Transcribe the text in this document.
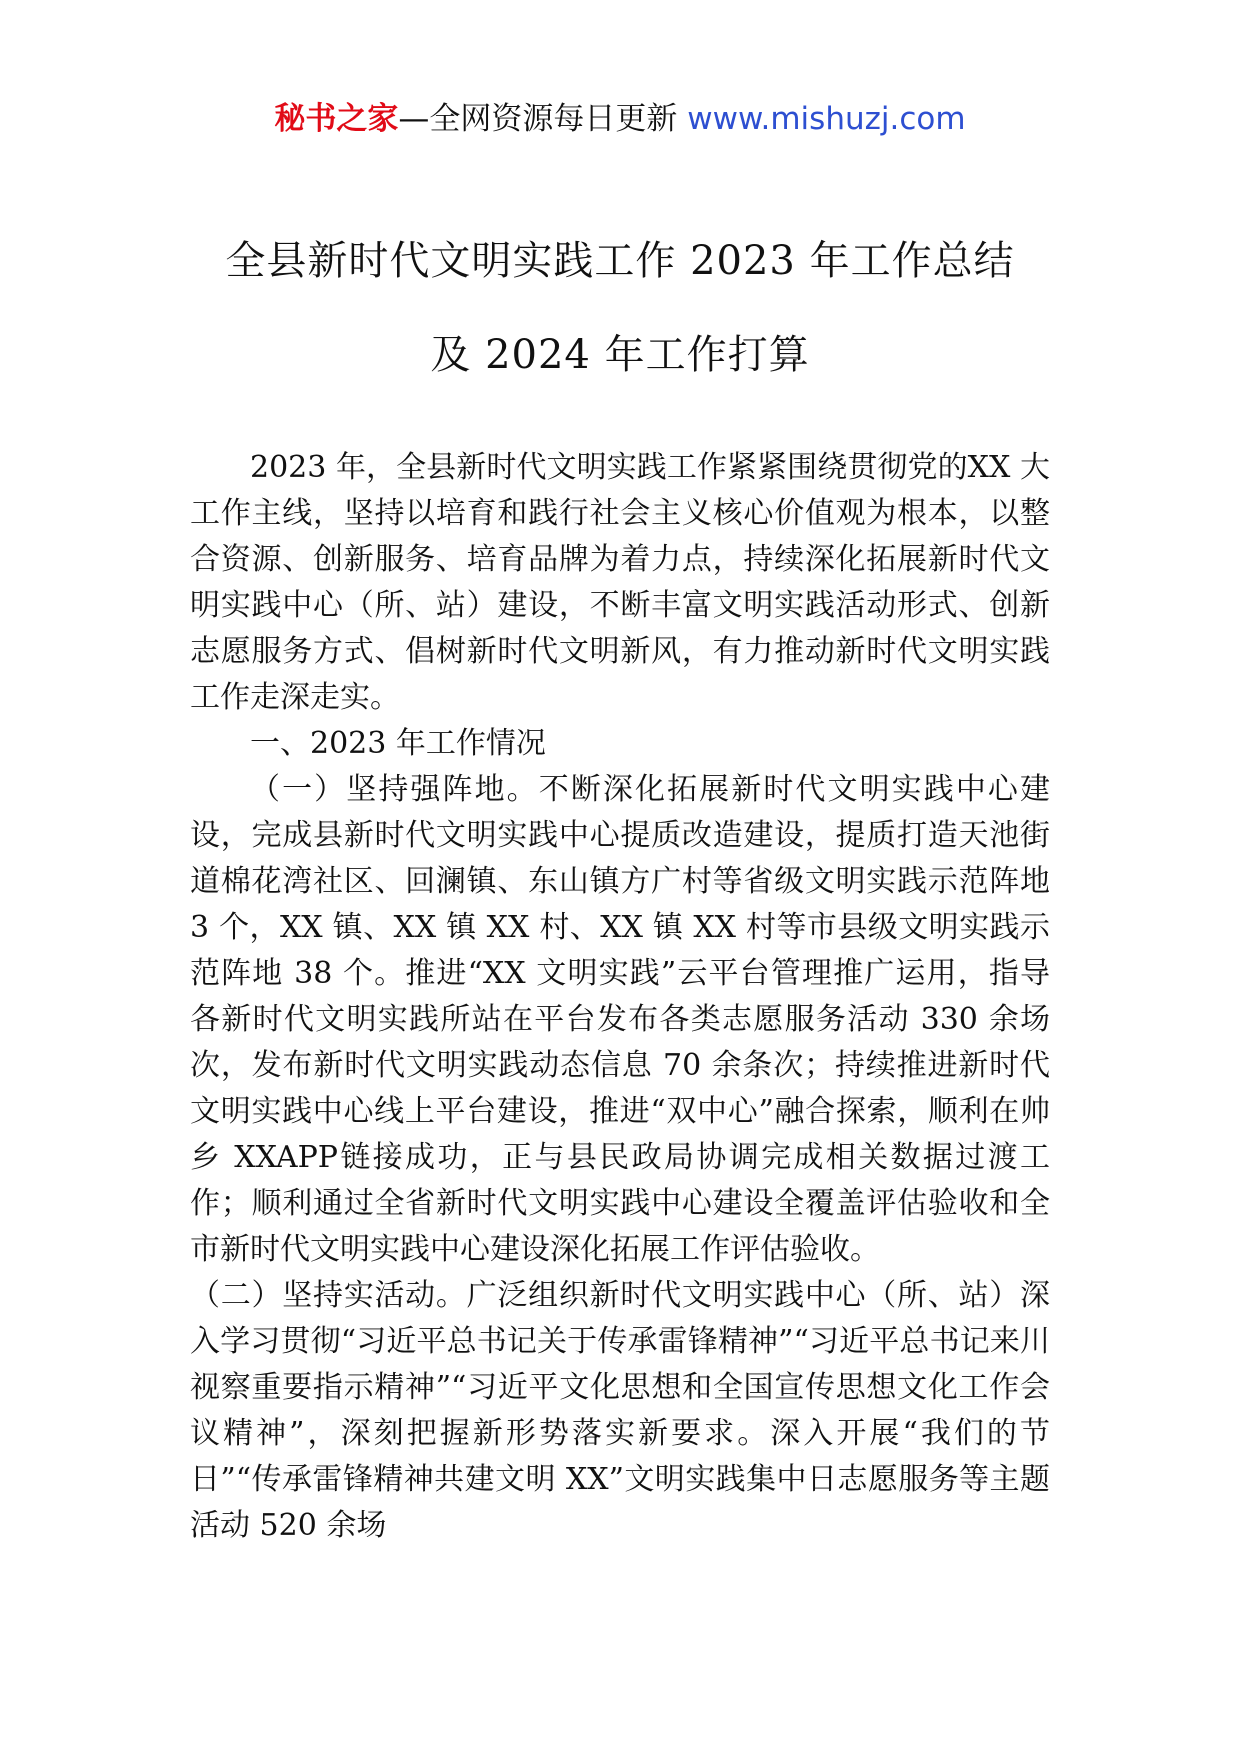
秘书之家—全网资源每日更新 www.mishuzj.com
全县新时代文明实践工作 2023 年工作总结
及 2024 年工作打算

2023 年，全县新时代文明实践工作紧紧围绕贯彻党的XX 大工作主线，坚持以培育和践行社会主义核心价值观为根本，以整合资源、创新服务、培育品牌为着力点，持续深化拓展新时代文明实践中心（所、站）建设，不断丰富文明实践活动形式、创新志愿服务方式、倡树新时代文明新风，有力推动新时代文明实践工作走深走实。

一、2023 年工作情况

（一）坚持强阵地。不断深化拓展新时代文明实践中心建设，完成县新时代文明实践中心提质改造建设，提质打造天池街道棉花湾社区、回澜镇、东山镇方广村等省级文明实践示范阵地 3 个，XX 镇、XX 镇 XX 村、XX 镇 XX 村等市县级文明实践示范阵地 38 个。推进“XX 文明实践”云平台管理推广运用，指导各新时代文明实践所站在平台发布各类志愿服务活动 330 余场次，发布新时代文明实践动态信息 70 余条次；持续推进新时代文明实践中心线上平台建设，推进“双中心”融合探索，顺利在帅乡 XXAPP链接成功，正与县民政局协调完成相关数据过渡工作；顺利通过全省新时代文明实践中心建设全覆盖评估验收和全市新时代文明实践中心建设深化拓展工作评估验收。

（二）坚持实活动。广泛组织新时代文明实践中心（所、站）深入学习贯彻“习近平总书记关于传承雷锋精神”“习近平总书记来川视察重要指示精神”“习近平文化思想和全国宣传思想文化工作会议精神”，深刻把握新形势落实新要求。深入开展“我们的节日”“传承雷锋精神共建文明 XX”文明实践集中日志愿服务等主题活动 520 余场
